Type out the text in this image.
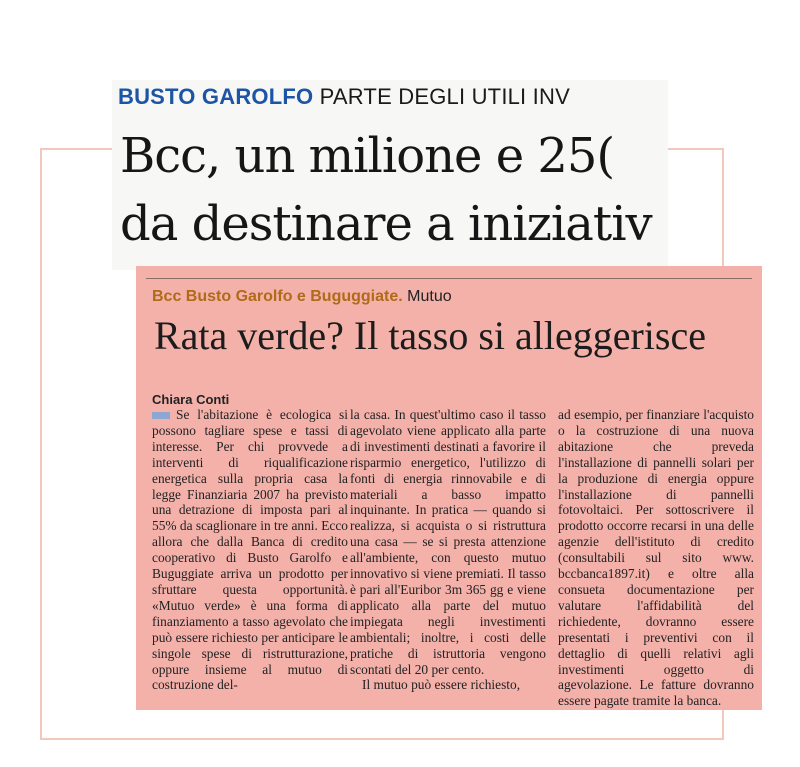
BUSTO GAROLFO PARTE DEGLI UTILI INV
Bcc, un milione e 25(
da destinare a iniziativ
Bcc Busto Garolfo e Buguggiate. Mutuo
Rata verde? Il tasso si alleggerisce
Chiara Conti

Se l'abitazione è ecologica si possono tagliare spese e tassi di interesse. Per chi provvede a interventi di riqualificazione energetica sulla propria casa la legge Finanziaria 2007 ha previsto una detrazione di imposta pari al 55% da scaglionare in tre anni. Ecco allora che dalla Banca di credito cooperativo di Busto Garolfo e Buguggiate arriva un prodotto per sfruttare questa opportunità. «Mutuo verde» è una forma di finanziamento a tasso agevolato che può essere richiesto per anticipare le singole spese di ristrutturazione, oppure insieme al mutuo di costruzione del-

la casa. In quest'ultimo caso il tasso agevolato viene applicato alla parte di investimenti destinati a favorire il risparmio energetico, l'utilizzo di fonti di energia rinnovabile e di materiali a basso impatto inquinante. In pratica — quando si realizza, si acquista o si ristruttura una casa — se si presta attenzione all'ambiente, con questo mutuo innovativo si viene premiati. Il tasso è pari all'Euribor 3m 365 gg e viene applicato alla parte del mutuo impiegata negli investimenti ambientali; inoltre, i costi delle pratiche di istruttoria vengono scontati del 20 per cento.

Il mutuo può essere richiesto,

ad esempio, per finanziare l'acquisto o la costruzione di una nuova abitazione che preveda l'installazione di pannelli solari per la produzione di energia oppure l'installazione di pannelli fotovoltaici. Per sottoscrivere il prodotto occorre recarsi in una delle agenzie dell'istituto di credito (consultabili sul sito www. bccbanca1897.it) e oltre alla consueta documentazione per valutare l'affidabilità del richiedente, dovranno essere presentati i preventivi con il dettaglio di quelli relativi agli investimenti oggetto di agevolazione. Le fatture dovranno essere pagate tramite la banca.
